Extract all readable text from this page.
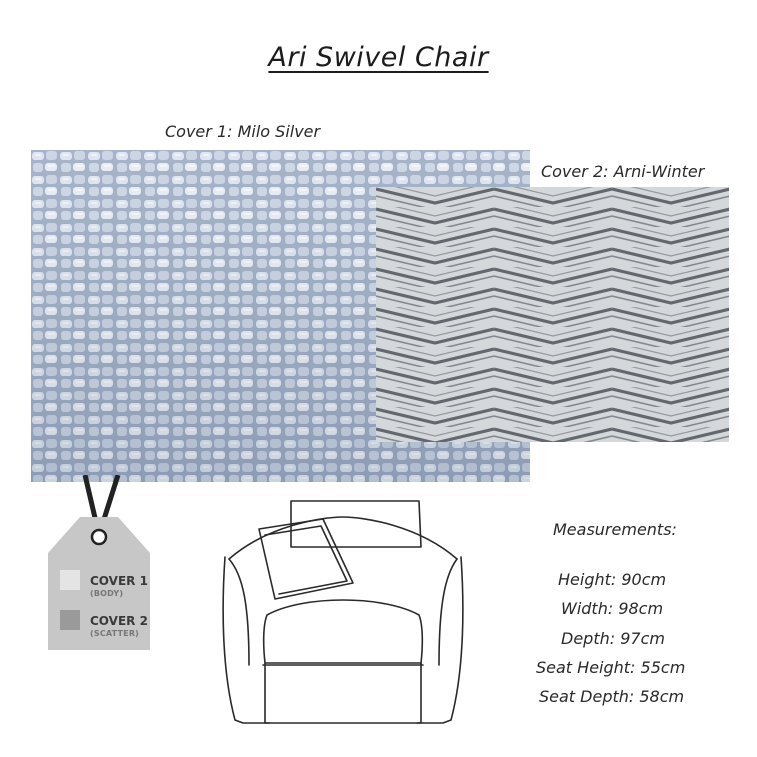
Ari Swivel Chair
Cover 1: Milo Silver
Cover 2: Arni-Winter
COVER 1
(BODY)
COVER 2
(SCATTER)
Measurements:
Height: 90cm
Width: 98cm
Depth: 97cm
Seat Height: 55cm
Seat Depth: 58cm
